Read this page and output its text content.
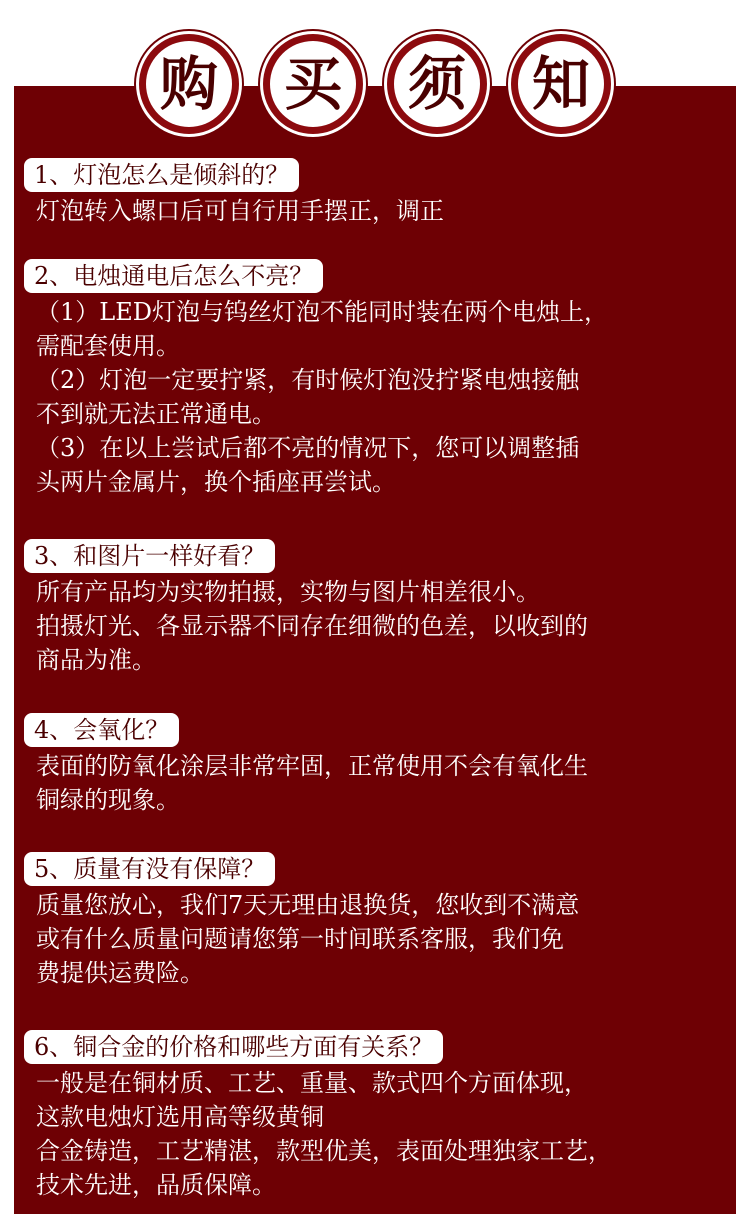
购 买 须 知
1、灯泡怎么是倾斜的？

灯泡转入螺口后可自行用手摆正，调正

2、电烛通电后怎么不亮？

（1）LED灯泡与钨丝灯泡不能同时装在两个电烛上，

需配套使用。

（2）灯泡一定要拧紧，有时候灯泡没拧紧电烛接触

不到就无法正常通电。

（3）在以上尝试后都不亮的情况下，您可以调整插

头两片金属片，换个插座再尝试。

3、和图片一样好看？

所有产品均为实物拍摄，实物与图片相差很小。

拍摄灯光、各显示器不同存在细微的色差，以收到的

商品为准。

4、会氧化？

表面的防氧化涂层非常牢固，正常使用不会有氧化生

铜绿的现象。

5、质量有没有保障？

质量您放心，我们7天无理由退换货，您收到不满意

或有什么质量问题请您第一时间联系客服，我们免

费提供运费险。

6、铜合金的价格和哪些方面有关系？

一般是在铜材质、工艺、重量、款式四个方面体现，

这款电烛灯选用高等级黄铜

合金铸造，工艺精湛，款型优美，表面处理独家工艺，

技术先进，品质保障。
